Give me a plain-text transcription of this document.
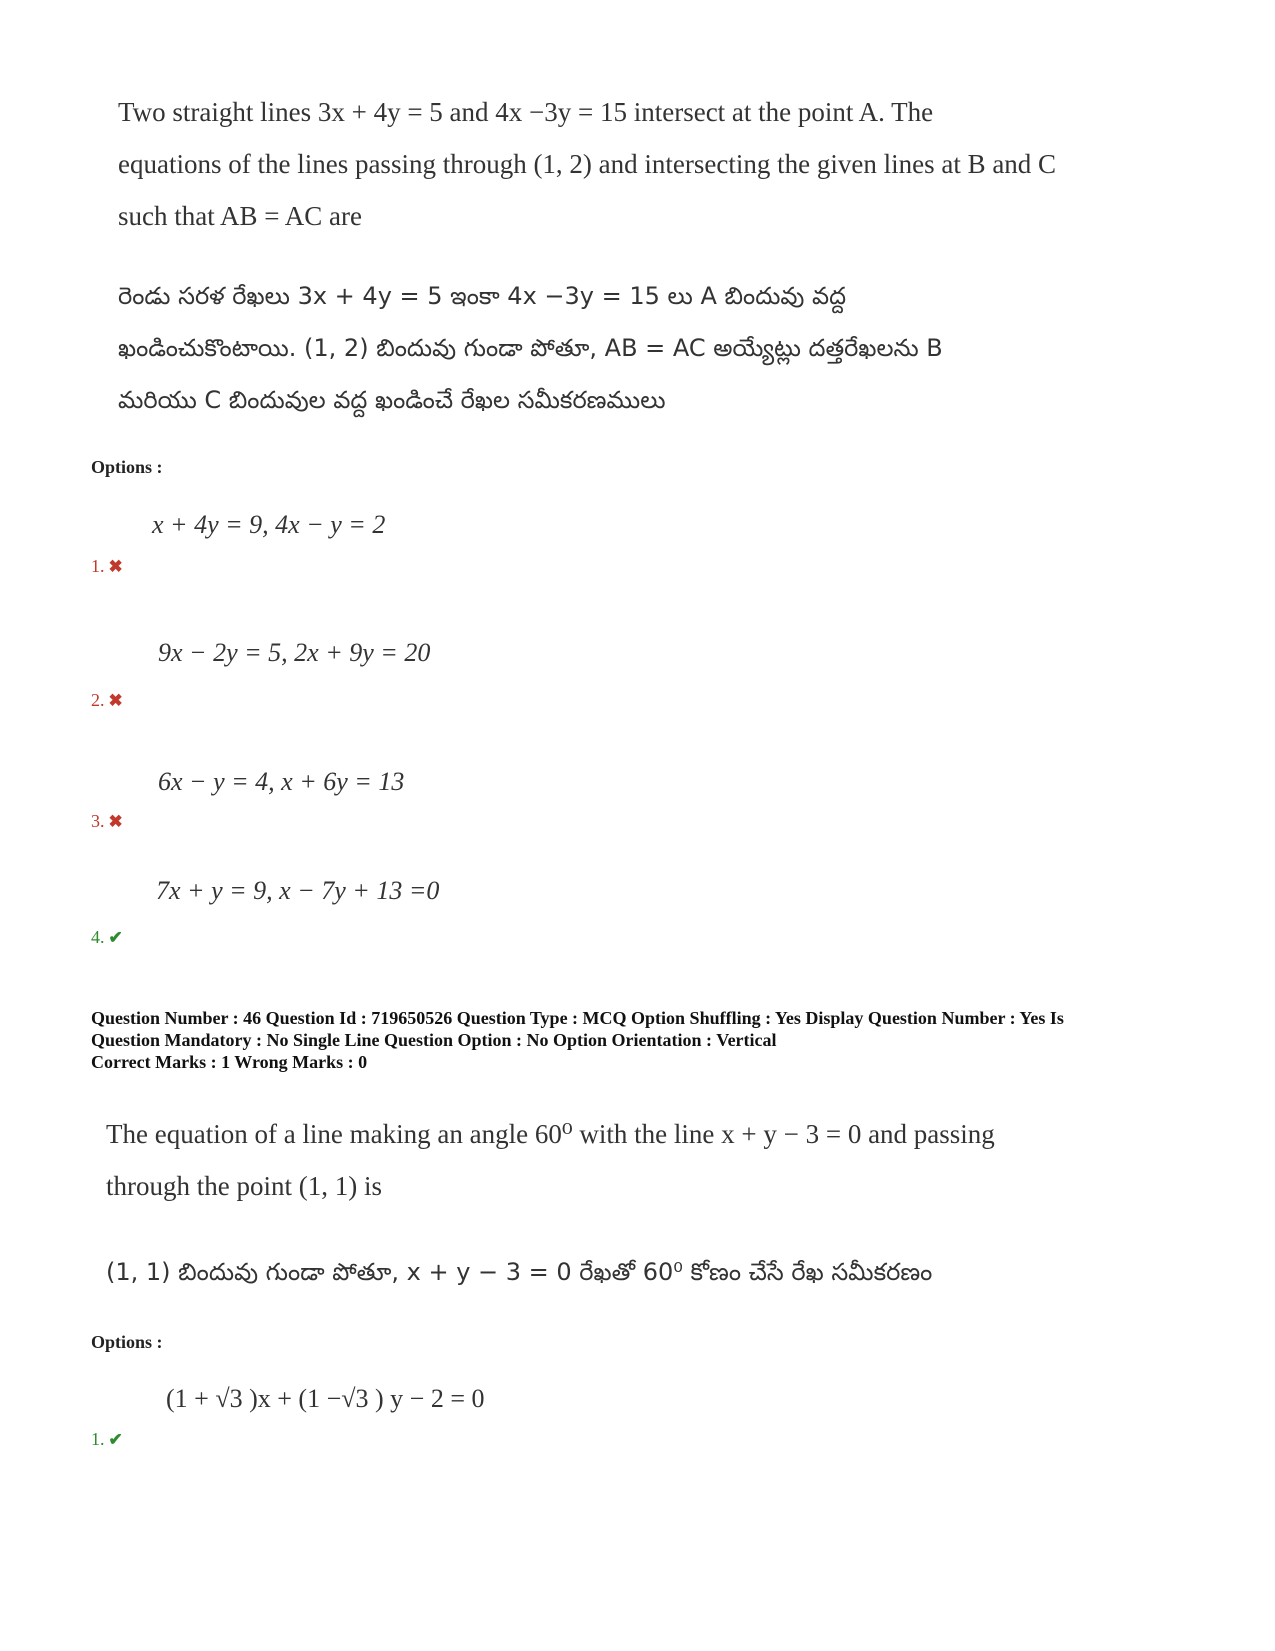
Two straight lines 3x + 4y = 5 and 4x −3y = 15 intersect at the point A. The
equations of the lines passing through (1, 2) and intersecting the given lines at B and C
such that AB = AC are
రెండు సరళ రేఖలు 3x + 4y = 5 ఇంకా 4x −3y = 15 లు A బిందువు వద్ద
ఖండించుకొంటాయి. (1, 2) బిందువు గుండా పోతూ, AB = AC అయ్యేట్లు దత్తరేఖలను B
మరియు C బిందువుల వద్ద ఖండించే రేఖల సమీకరణములు
Options :
x + 4y = 9, 4x − y = 2
1. ✖
9x − 2y = 5, 2x + 9y = 20
2. ✖
6x − y = 4, x + 6y = 13
3. ✖
7x + y = 9, x − 7y + 13 =0
4. ✔
Question Number : 46 Question Id : 719650526 Question Type : MCQ Option Shuffling : Yes Display Question Number : Yes Is
Question Mandatory : No Single Line Question Option : No Option Orientation : Vertical
Correct Marks : 1 Wrong Marks : 0
The equation of a line making an angle 60⁰ with the line x + y − 3 = 0 and passing
through the point (1, 1) is
(1, 1) బిందువు గుండా పోతూ, x + y − 3 = 0 రేఖతో 60⁰ కోణం చేసే రేఖ సమీకరణం
Options :
(1 + √3 )x + (1 −√3 ) y − 2 = 0
1. ✔
